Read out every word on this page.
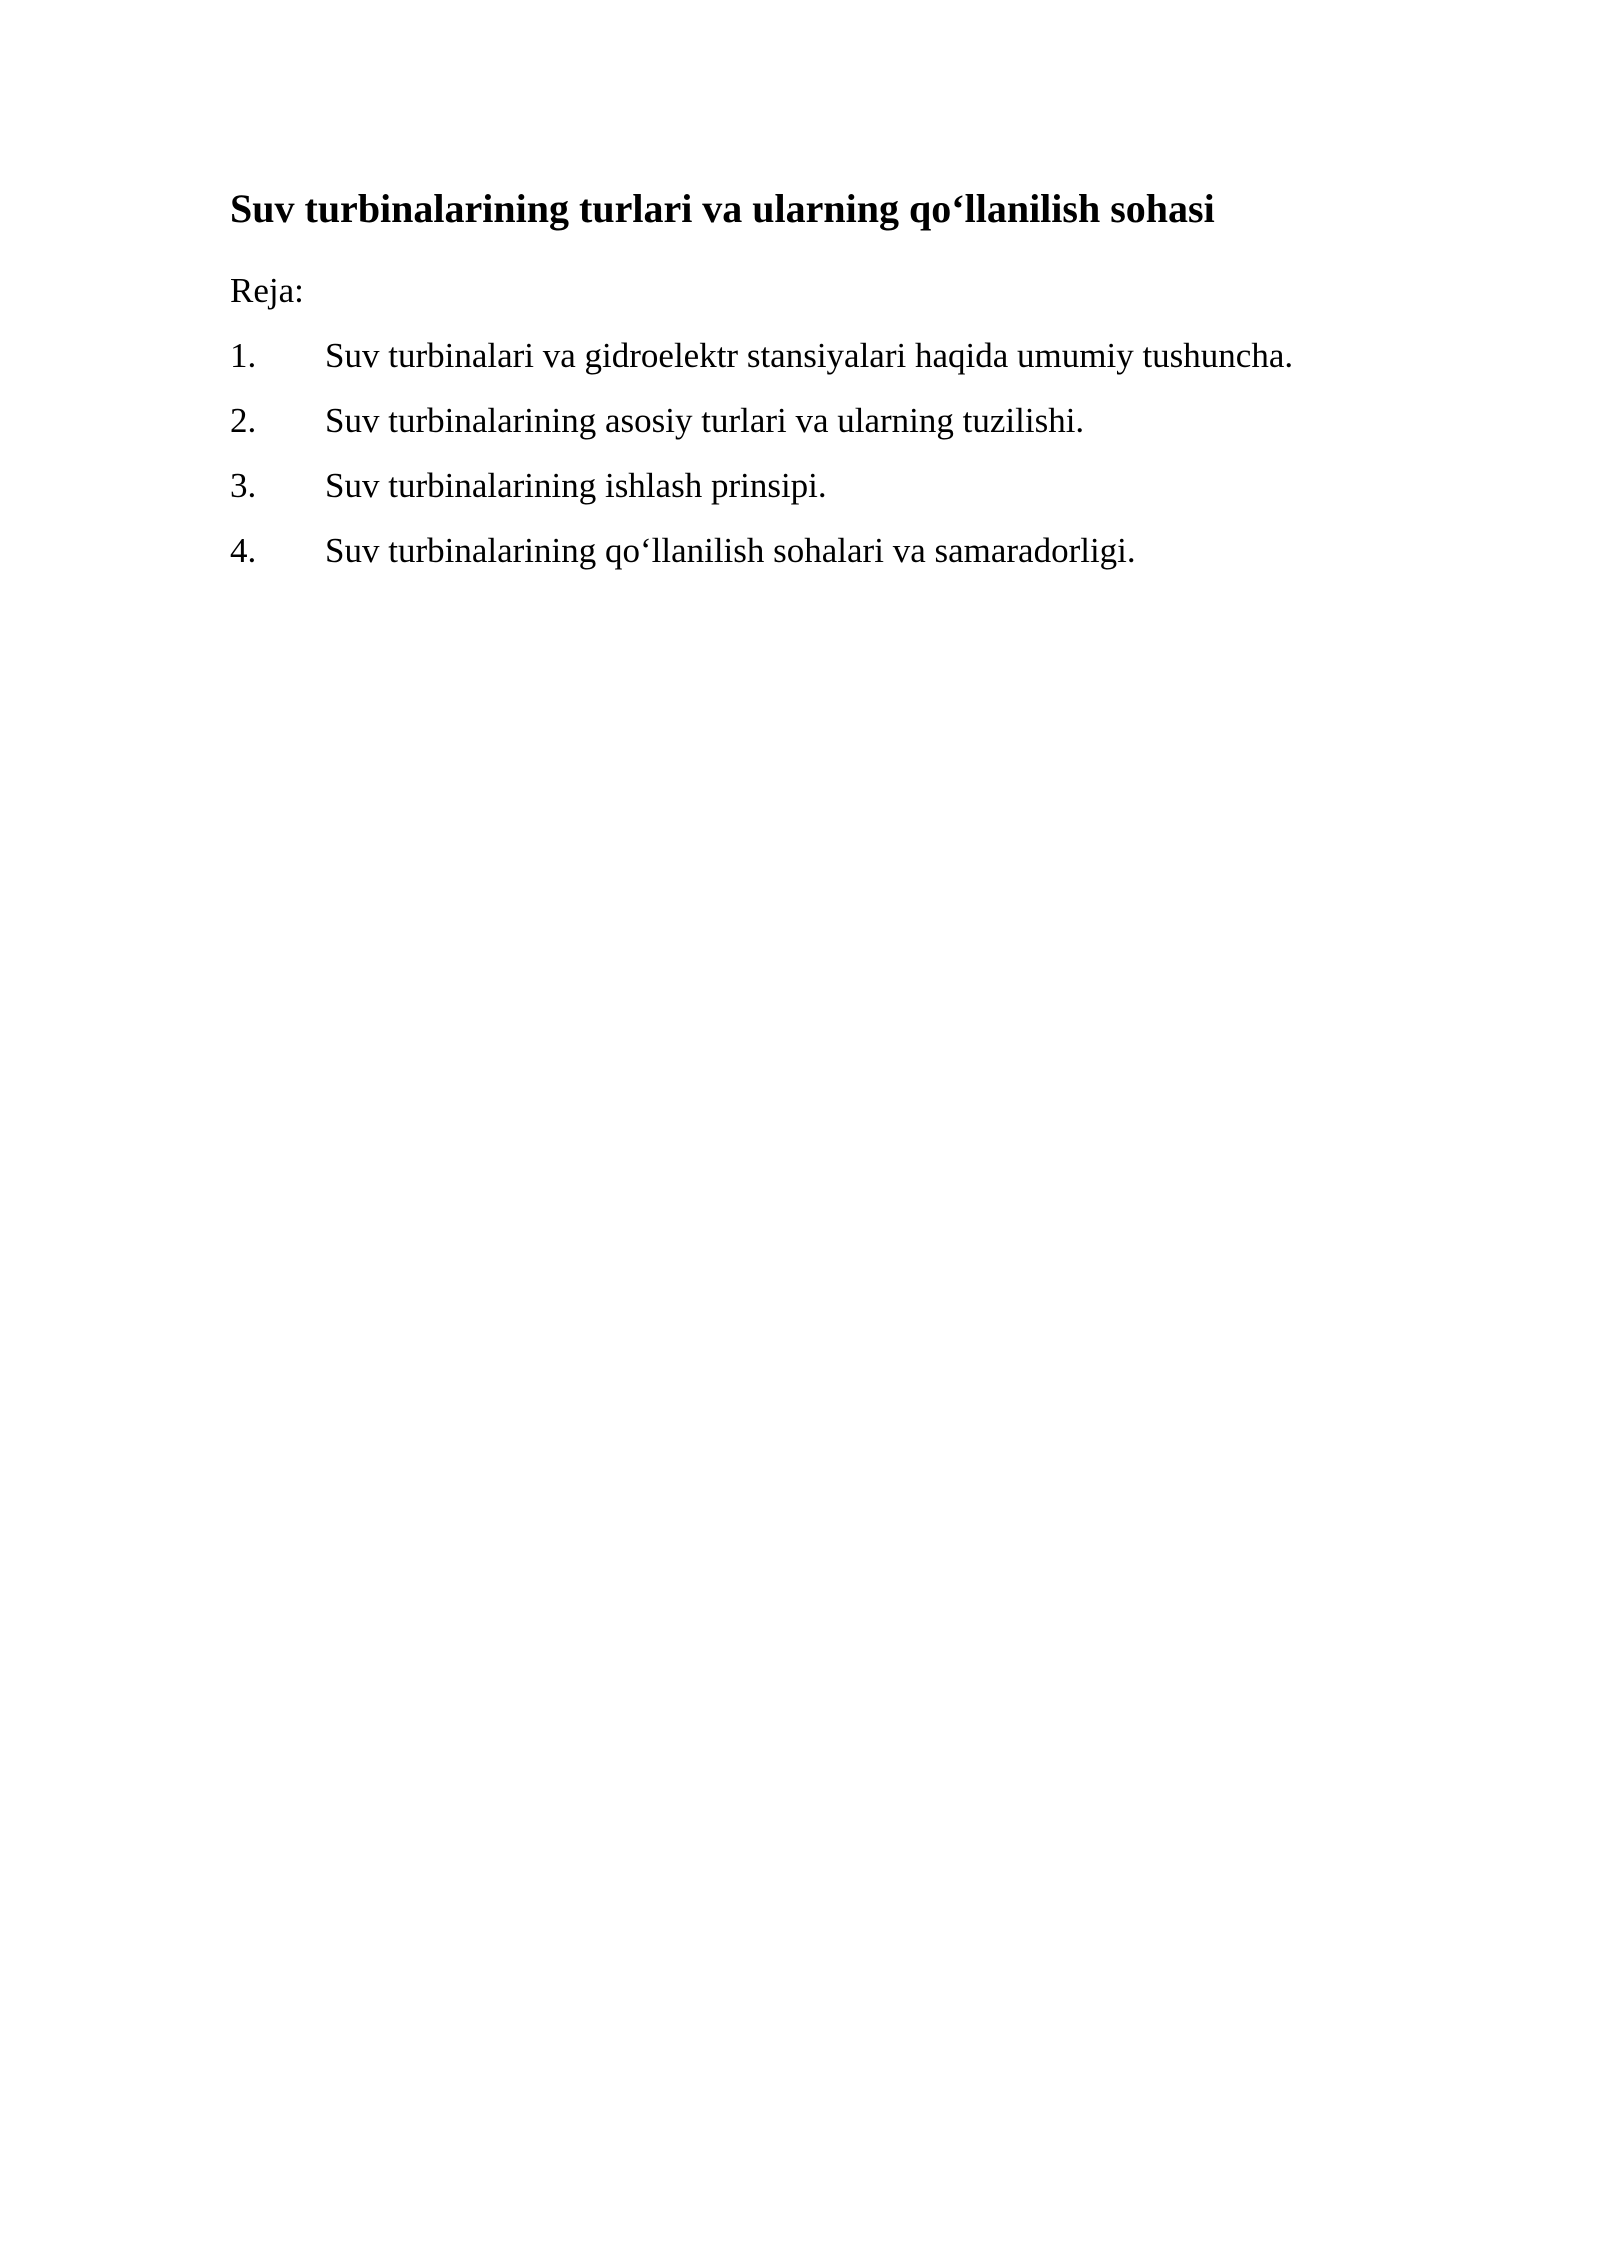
Suv turbinalarining turlari va ularning qo‘llanilish sohasi
Reja:
1. Suv turbinalari va gidroelektr stansiyalari haqida umumiy tushuncha.
2. Suv turbinalarining asosiy turlari va ularning tuzilishi.
3. Suv turbinalarining ishlash prinsipi.
4. Suv turbinalarining qo‘llanilish sohalari va samaradorligi.
